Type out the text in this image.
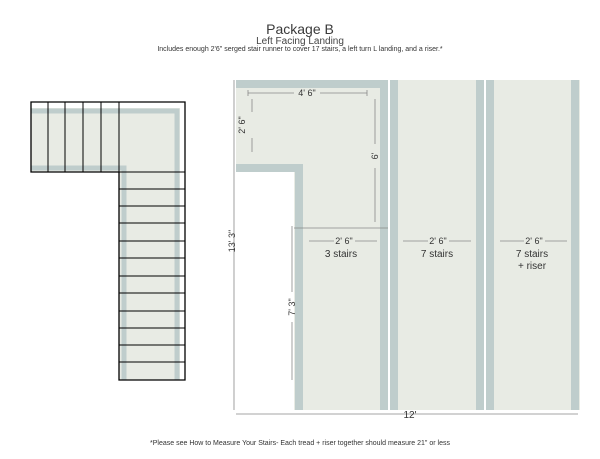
Package B
Left Facing Landing
Includes enough 2'6" serged stair runner to cover 17 stairs, a left turn L landing, and a riser.*
4' 6"
2' 6"
6'
7' 3"
13' 3"
12'
2' 6"	2' 6"	2' 6"
3 stairs	7 stairs	7 stairs
+ riser
*Please see How to Measure Your Stairs- Each tread + riser together should measure 21" or less
